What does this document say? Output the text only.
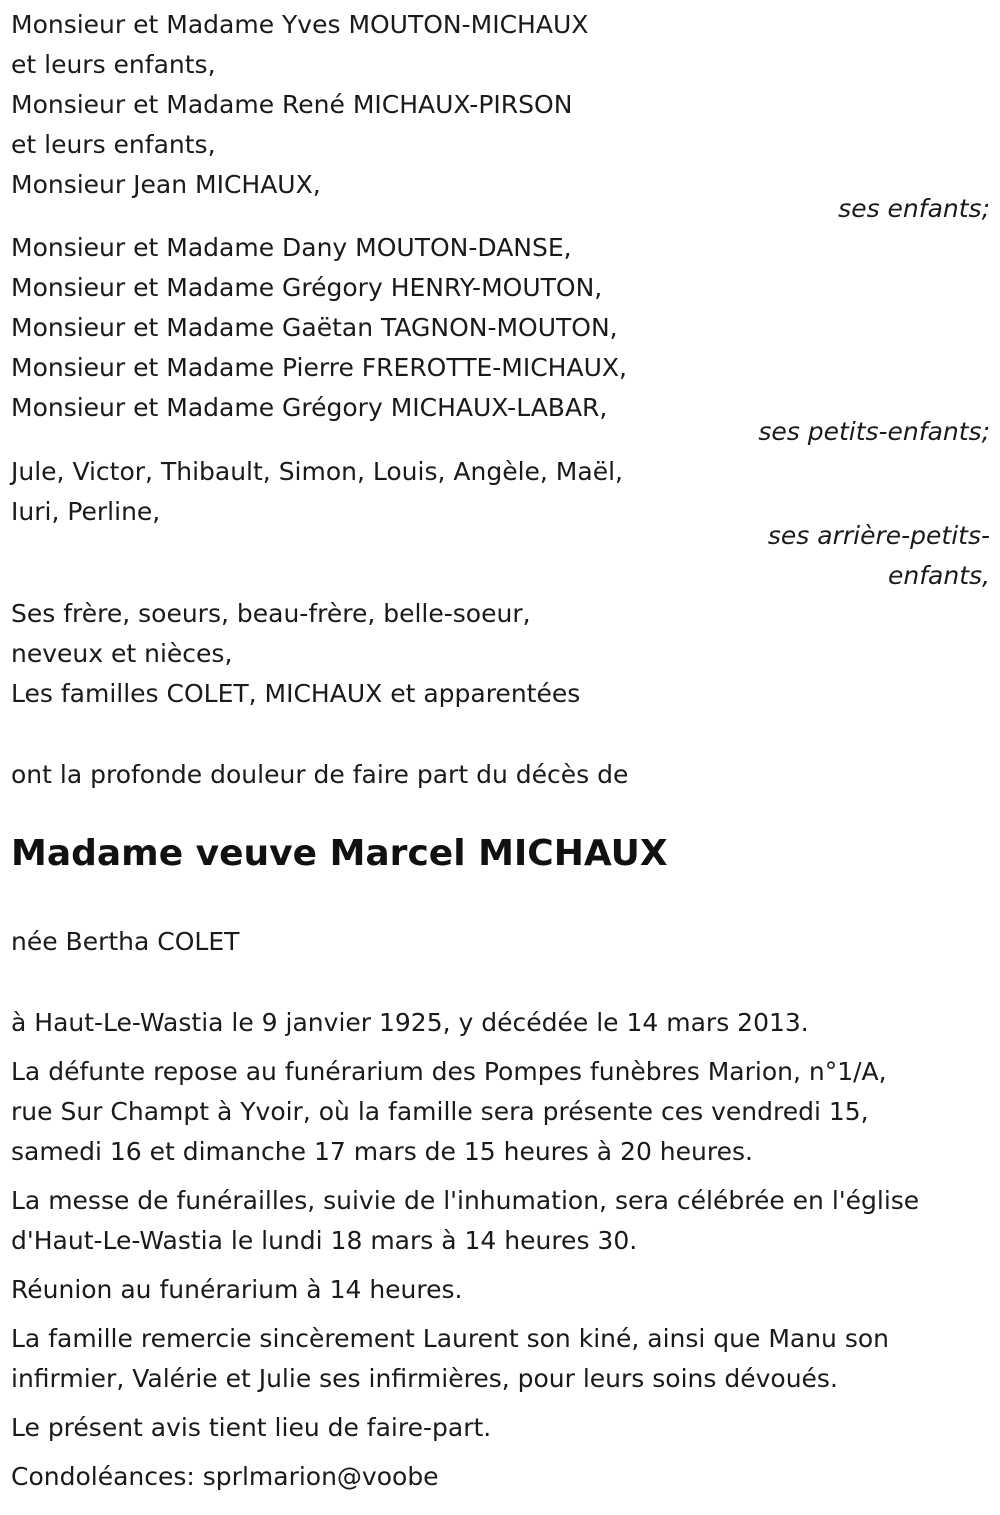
Monsieur et Madame Yves MOUTON-MICHAUX
et leurs enfants,
Monsieur et Madame René MICHAUX-PIRSON
et leurs enfants,
Monsieur Jean MICHAUX,
ses enfants;
Monsieur et Madame Dany MOUTON-DANSE,
Monsieur et Madame Grégory HENRY-MOUTON,
Monsieur et Madame Gaëtan TAGNON-MOUTON,
Monsieur et Madame Pierre FREROTTE-MICHAUX,
Monsieur et Madame Grégory MICHAUX-LABAR,
ses petits-enfants;
Jule, Victor, Thibault, Simon, Louis, Angèle, Maël,
Iuri, Perline,
ses arrière-petits-
enfants,
Ses frère, soeurs, beau-frère, belle-soeur,
neveux et nièces,
Les familles COLET, MICHAUX et apparentées
ont la profonde douleur de faire part du décès de
Madame veuve Marcel MICHAUX
née Bertha COLET
à Haut-Le-Wastia le 9 janvier 1925, y décédée le 14 mars 2013.
La défunte repose au funérarium des Pompes funèbres Marion, n°1/A,
rue Sur Champt à Yvoir, où la famille sera présente ces vendredi 15,
samedi 16 et dimanche 17 mars de 15 heures à 20 heures.
La messe de funérailles, suivie de l'inhumation, sera célébrée en l'église
d'Haut-Le-Wastia le lundi 18 mars à 14 heures 30.
Réunion au funérarium à 14 heures.
La famille remercie sincèrement Laurent son kiné, ainsi que Manu son
infirmier, Valérie et Julie ses infirmières, pour leurs soins dévoués.
Le présent avis tient lieu de faire-part.
Condoléances: sprlmarion@voobe
